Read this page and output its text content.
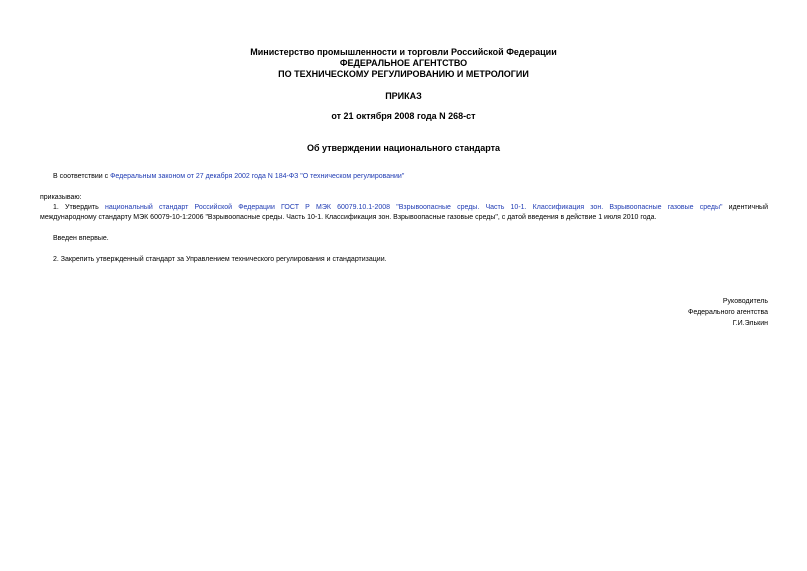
Министерство промышленности и торговли Российской Федерации
ФЕДЕРАЛЬНОЕ АГЕНТСТВО
ПО ТЕХНИЧЕСКОМУ РЕГУЛИРОВАНИЮ И МЕТРОЛОГИИ
ПРИКАЗ
от 21 октября 2008 года N 268-ст
Об утверждении национального стандарта
В соответствии с Федеральным законом от 27 декабря 2002 года N 184-ФЗ "О техническом регулировании"
приказываю:
1. Утвердить национальный стандарт Российской Федерации ГОСТ Р МЭК 60079.10.1-2008 "Взрывоопасные среды. Часть 10-1. Классификация зон. Взрывоопасные газовые среды" идентичный
международному стандарту МЭК 60079-10-1:2006 "Взрывоопасные среды. Часть 10-1. Классификация зон. Взрывоопасные газовые среды", с датой введения в действие 1 июля 2010 года.
Введен впервые.
2. Закрепить утвержденный стандарт за Управлением технического регулирования и стандартизации.
Руководитель
Федерального агентства
Г.И.Элькин
